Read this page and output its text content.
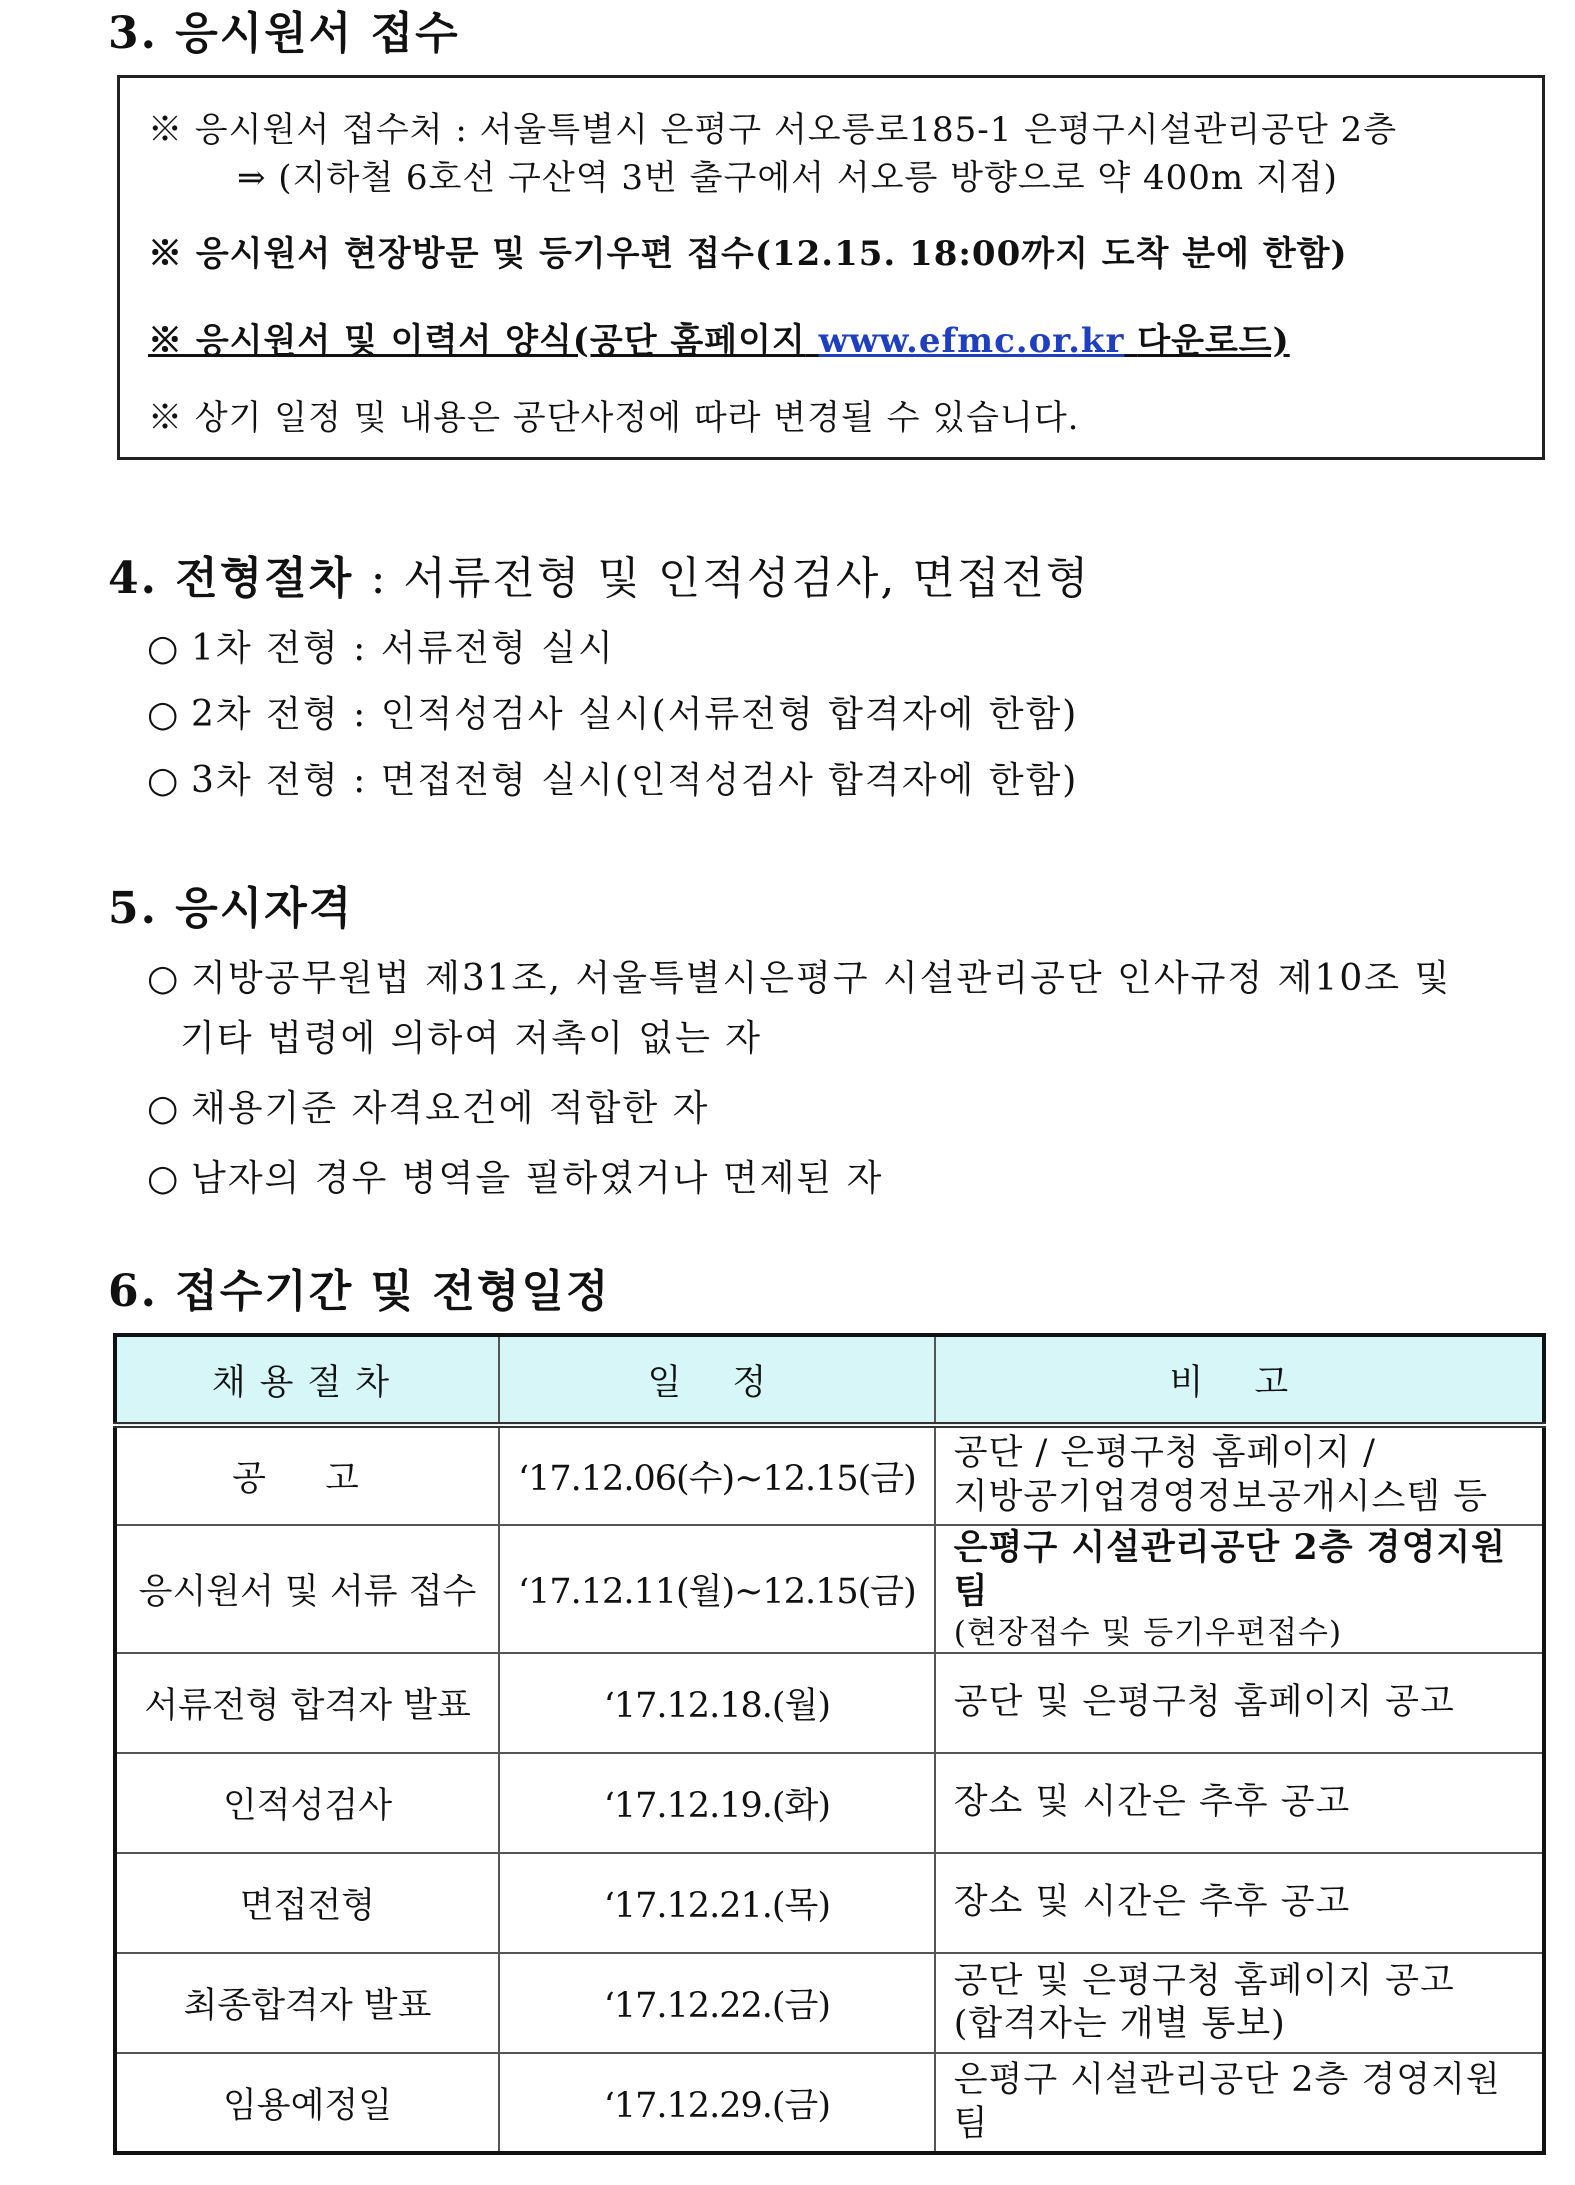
3. 응시원서 접수
※ 응시원서 접수처 : 서울특별시 은평구 서오릉로185-1 은평구시설관리공단 2층
⇒ (지하철 6호선 구산역 3번 출구에서 서오릉 방향으로 약 400m 지점)
※ 응시원서 현장방문 및 등기우편 접수(12.15. 18:00까지 도착 분에 한함)
※ 응시원서 및 이력서 양식(공단 홈페이지 www.efmc.or.kr 다운로드)
※ 상기 일정 및 내용은 공단사정에 따라 변경될 수 있습니다.
4. 전형절차 : 서류전형 및 인적성검사, 면접전형
○ 1차 전형 : 서류전형 실시
○ 2차 전형 : 인적성검사 실시(서류전형 합격자에 한함)
○ 3차 전형 : 면접전형 실시(인적성검사 합격자에 한함)
5. 응시자격
○ 지방공무원법 제31조, 서울특별시은평구 시설관리공단 인사규정 제10조 및
기타 법령에 의하여 저촉이 없는 자
○ 채용기준 자격요건에 적합한 자
○ 남자의 경우 병역을 필하였거나 면제된 자
6. 접수기간 및 전형일정
채용절차	일 정	비 고
공 고	‘17.12.06(수)~12.15(금)	공단 / 은평구청 홈페이지 /
지방공기업경영정보공개시스템 등

응시원서 및 서류 접수	‘17.12.11(월)~12.15(금)	은평구 시설관리공단 2층 경영지원팀
(현장접수 및 등기우편접수)

서류전형 합격자 발표	‘17.12.18.(월)	공단 및 은평구청 홈페이지 공고
인적성검사	‘17.12.19.(화)	장소 및 시간은 추후 공고
면접전형	‘17.12.21.(목)	장소 및 시간은 추후 공고
최종합격자 발표	‘17.12.22.(금)	공단 및 은평구청 홈페이지 공고
(합격자는 개별 통보)

임용예정일	‘17.12.29.(금)	은평구 시설관리공단 2층 경영지원팀
